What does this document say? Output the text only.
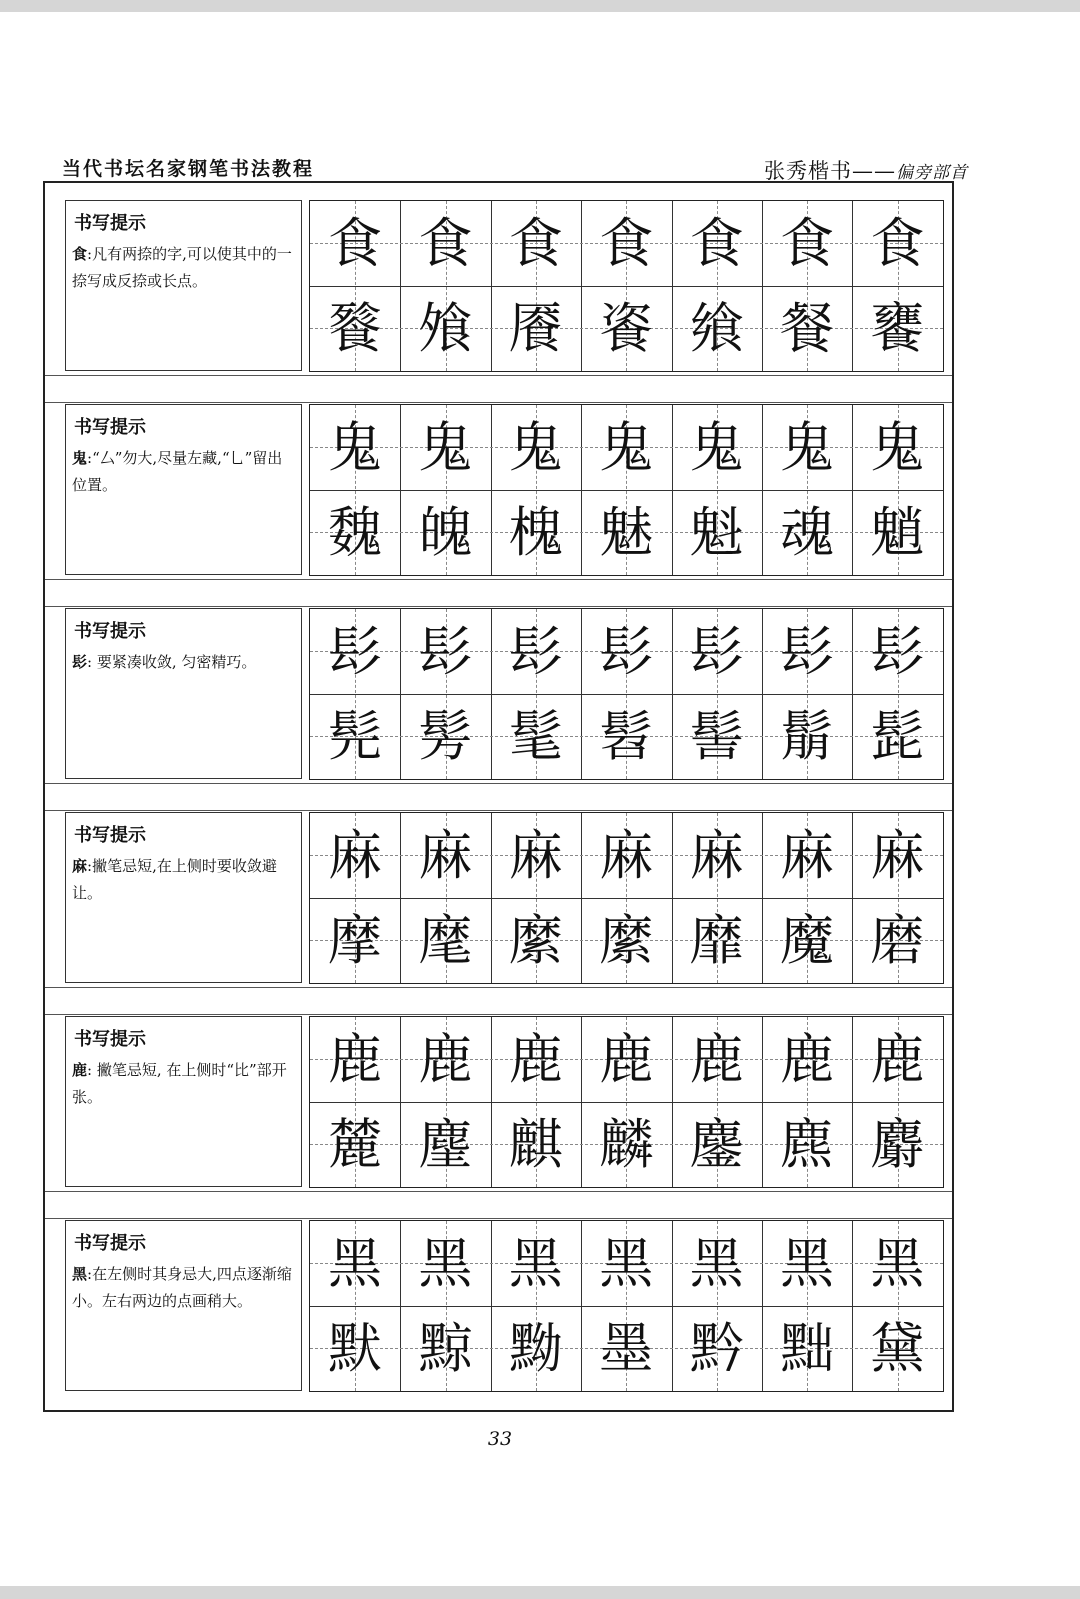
当代书坛名家钢笔书法教程	张秀楷书——偏旁部首
书写提示
食:凡有两捺的字,可以使其中的一捺写成反捺或长点。
食 食 食 食 食 食 食
餮 飧 餍 餈 飨 餐 饔
书写提示
鬼:“厶”勿大,尽量左藏,“乚”留出位置。
鬼 鬼 鬼 鬼 鬼 鬼 鬼
魏 魄 槐 魅 魁 魂 魈
书写提示
髟: 要紧凑收敛, 匀密精巧。	髟 髟 髟 髟 髟 髟 髟
髡 髣 髦 髫 髻 鬅 髭
书写提示
麻:撇笔忌短,在上侧时要收敛避让。
麻 麻 麻 麻 麻 麻 麻
摩 麾 縻 縻 靡 魔 磨
书写提示
鹿: 撇笔忌短, 在上侧时“比”部开张。
鹿 鹿 鹿 鹿 鹿 鹿 鹿
麓 麈 麒 麟 鏖 麃 麝
书写提示
黑:在左侧时其身忌大,四点逐渐缩小。左右两边的点画稍大。
黑 黑 黑 黑 黑 黑 黑
默 黥 黝 墨 黔 黜 黛
33
